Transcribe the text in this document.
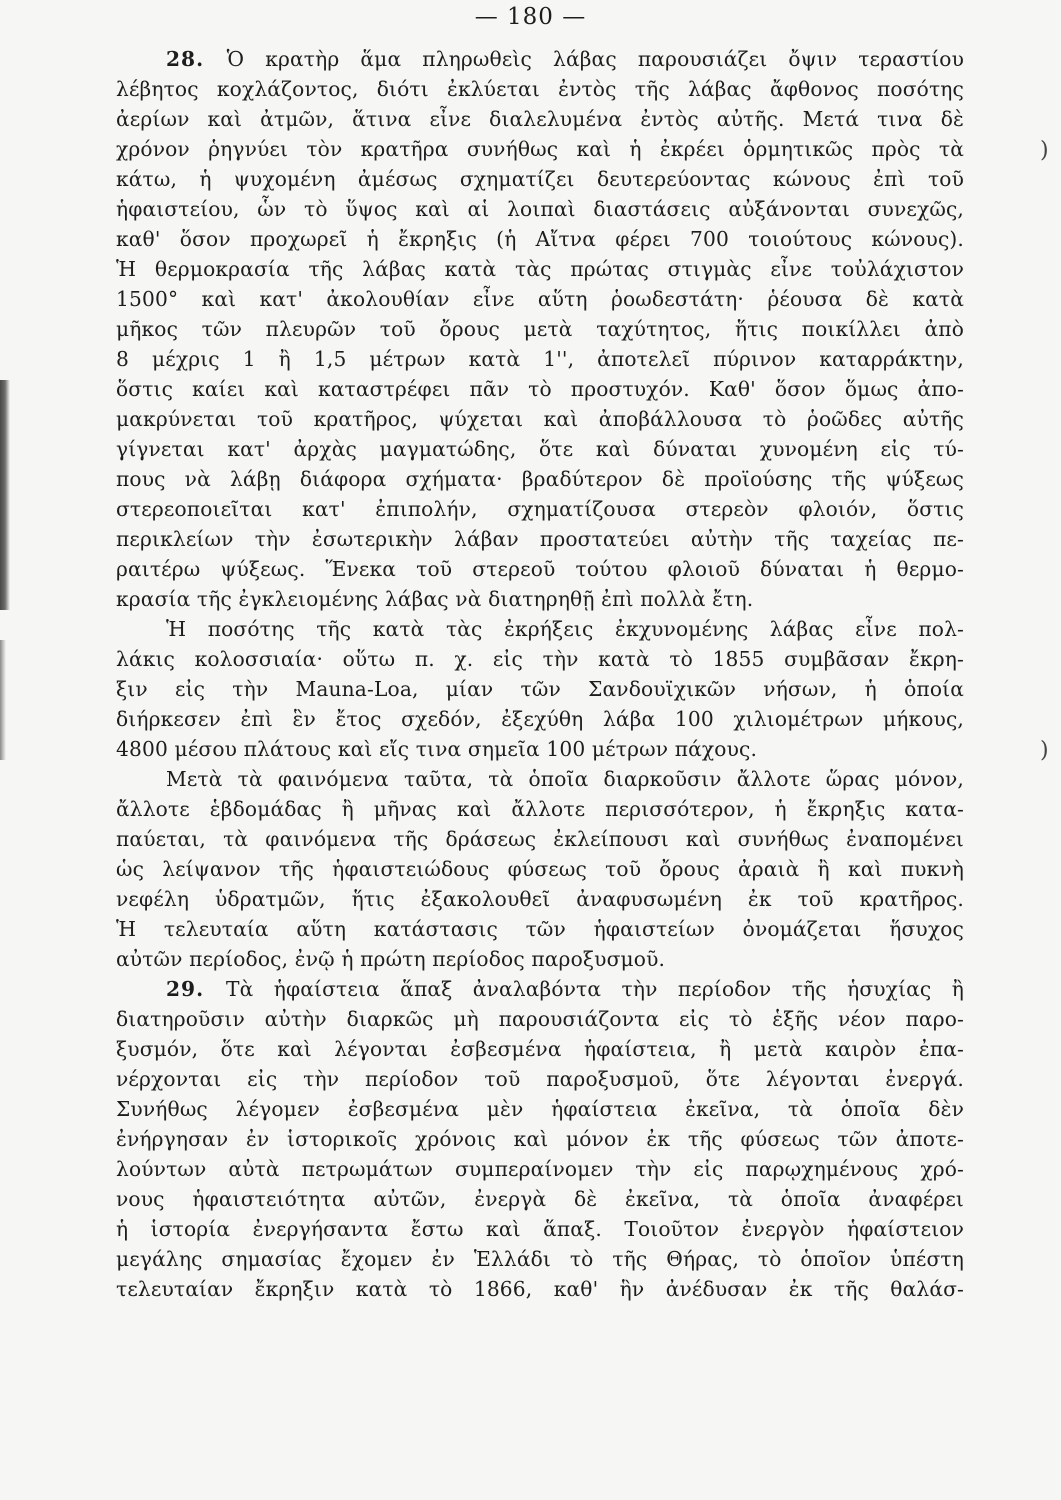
— 180 —
28. Ὁ κρατὴρ ἅμα πληρωθεὶς λάβας παρουσιάζει ὄψιν τεραστίου
λέβητος κοχλάζοντος, διότι ἐκλύεται ἐντὸς τῆς λάβας ἄφθονος ποσότης
ἀερίων καὶ ἀτμῶν, ἅτινα εἶνε διαλελυμένα ἐντὸς αὐτῆς. Μετά τινα δὲ
χρόνον ῥηγνύει τὸν κρατῆρα συνήθως καὶ ἡ ἐκρέει ὁρμητικῶς πρὸς τὰ
κάτω, ἡ ψυχομένη ἀμέσως σχηματίζει δευτερεύοντας κώνους ἐπὶ τοῦ
ἡφαιστείου, ὧν τὸ ὕψος καὶ αἱ λοιπαὶ διαστάσεις αὐξάνονται συνεχῶς,
καθ' ὅσον προχωρεῖ ἡ ἔκρηξις (ἡ Αἴτνα φέρει 700 τοιούτους κώνους).
Ἡ θερμοκρασία τῆς λάβας κατὰ τὰς πρώτας στιγμὰς εἶνε τοὐλάχιστον
1500° καὶ κατ' ἀκολουθίαν εἶνε αὕτη ῥοωδεστάτη· ῥέουσα δὲ κατὰ
μῆκος τῶν πλευρῶν τοῦ ὄρους μετὰ ταχύτητος, ἥτις ποικίλλει ἀπὸ
8 μέχρις 1 ἢ 1,5 μέτρων κατὰ 1'', ἀποτελεῖ πύρινον καταρράκτην,
ὅστις καίει καὶ καταστρέφει πᾶν τὸ προστυχόν. Καθ' ὅσον ὅμως ἀπο-
μακρύνεται τοῦ κρατῆρος, ψύχεται καὶ ἀποβάλλουσα τὸ ῥοῶδες αὐτῆς
γίγνεται κατ' ἀρχὰς μαγματώδης, ὅτε καὶ δύναται χυνομένη εἰς τύ-
πους νὰ λάβῃ διάφορα σχήματα· βραδύτερον δὲ προϊούσης τῆς ψύξεως
στερεοποιεῖται κατ' ἐπιπολήν, σχηματίζουσα στερεὸν φλοιόν, ὅστις
περικλείων τὴν ἐσωτερικὴν λάβαν προστατεύει αὐτὴν τῆς ταχείας πε-
ραιτέρω ψύξεως. Ἕνεκα τοῦ στερεοῦ τούτου φλοιοῦ δύναται ἡ θερμο-
κρασία τῆς ἐγκλειομένης λάβας νὰ διατηρηθῇ ἐπὶ πολλὰ ἔτη.
Ἡ ποσότης τῆς κατὰ τὰς ἐκρήξεις ἐκχυνομένης λάβας εἶνε πολ-
λάκις κολοσσιαία· οὕτω π. χ. εἰς τὴν κατὰ τὸ 1855 συμβᾶσαν ἔκρη-
ξιν εἰς τὴν Mauna-Loa, μίαν τῶν Σανδουϊχικῶν νήσων, ἡ ὁποία
διήρκεσεν ἐπὶ ἓν ἔτος σχεδόν, ἐξεχύθη λάβα 100 χιλιομέτρων μήκους,
4800 μέσου πλάτους καὶ εἴς τινα σημεῖα 100 μέτρων πάχους.
Μετὰ τὰ φαινόμενα ταῦτα, τὰ ὁποῖα διαρκοῦσιν ἄλλοτε ὥρας μόνον,
ἄλλοτε ἑβδομάδας ἢ μῆνας καὶ ἄλλοτε περισσότερον, ἡ ἔκρηξις κατα-
παύεται, τὰ φαινόμενα τῆς δράσεως ἐκλείπουσι καὶ συνήθως ἐναπομένει
ὡς λείψανον τῆς ἡφαιστειώδους φύσεως τοῦ ὄρους ἀραιὰ ἢ καὶ πυκνὴ
νεφέλη ὑδρατμῶν, ἥτις ἐξακολουθεῖ ἀναφυσωμένη ἐκ τοῦ κρατῆρος.
Ἡ τελευταία αὕτη κατάστασις τῶν ἡφαιστείων ὀνομάζεται ἥσυχος
αὐτῶν περίοδος, ἐνῷ ἡ πρώτη περίοδος παροξυσμοῦ.
29. Τὰ ἡφαίστεια ἅπαξ ἀναλαβόντα τὴν περίοδον τῆς ἡσυχίας ἢ
διατηροῦσιν αὐτὴν διαρκῶς μὴ παρουσιάζοντα εἰς τὸ ἑξῆς νέον παρο-
ξυσμόν, ὅτε καὶ λέγονται ἐσβεσμένα ἡφαίστεια, ἢ μετὰ καιρὸν ἐπα-
νέρχονται εἰς τὴν περίοδον τοῦ παροξυσμοῦ, ὅτε λέγονται ἐνεργά.
Συνήθως λέγομεν ἐσβεσμένα μὲν ἡφαίστεια ἐκεῖνα, τὰ ὁποῖα δὲν
ἐνήργησαν ἐν ἱστορικοῖς χρόνοις καὶ μόνον ἐκ τῆς φύσεως τῶν ἀποτε-
λούντων αὐτὰ πετρωμάτων συμπεραίνομεν τὴν εἰς παρῳχημένους χρό-
νους ἡφαιστειότητα αὐτῶν, ἐνεργὰ δὲ ἐκεῖνα, τὰ ὁποῖα ἀναφέρει
ἡ ἱστορία ἐνεργήσαντα ἔστω καὶ ἅπαξ. Τοιοῦτον ἐνεργὸν ἡφαίστειον
μεγάλης σημασίας ἔχομεν ἐν Ἑλλάδι τὸ τῆς Θήρας, τὸ ὁποῖον ὑπέστη
τελευταίαν ἔκρηξιν κατὰ τὸ 1866, καθ' ἣν ἀνέδυσαν ἐκ τῆς θαλάσ-
)
)
